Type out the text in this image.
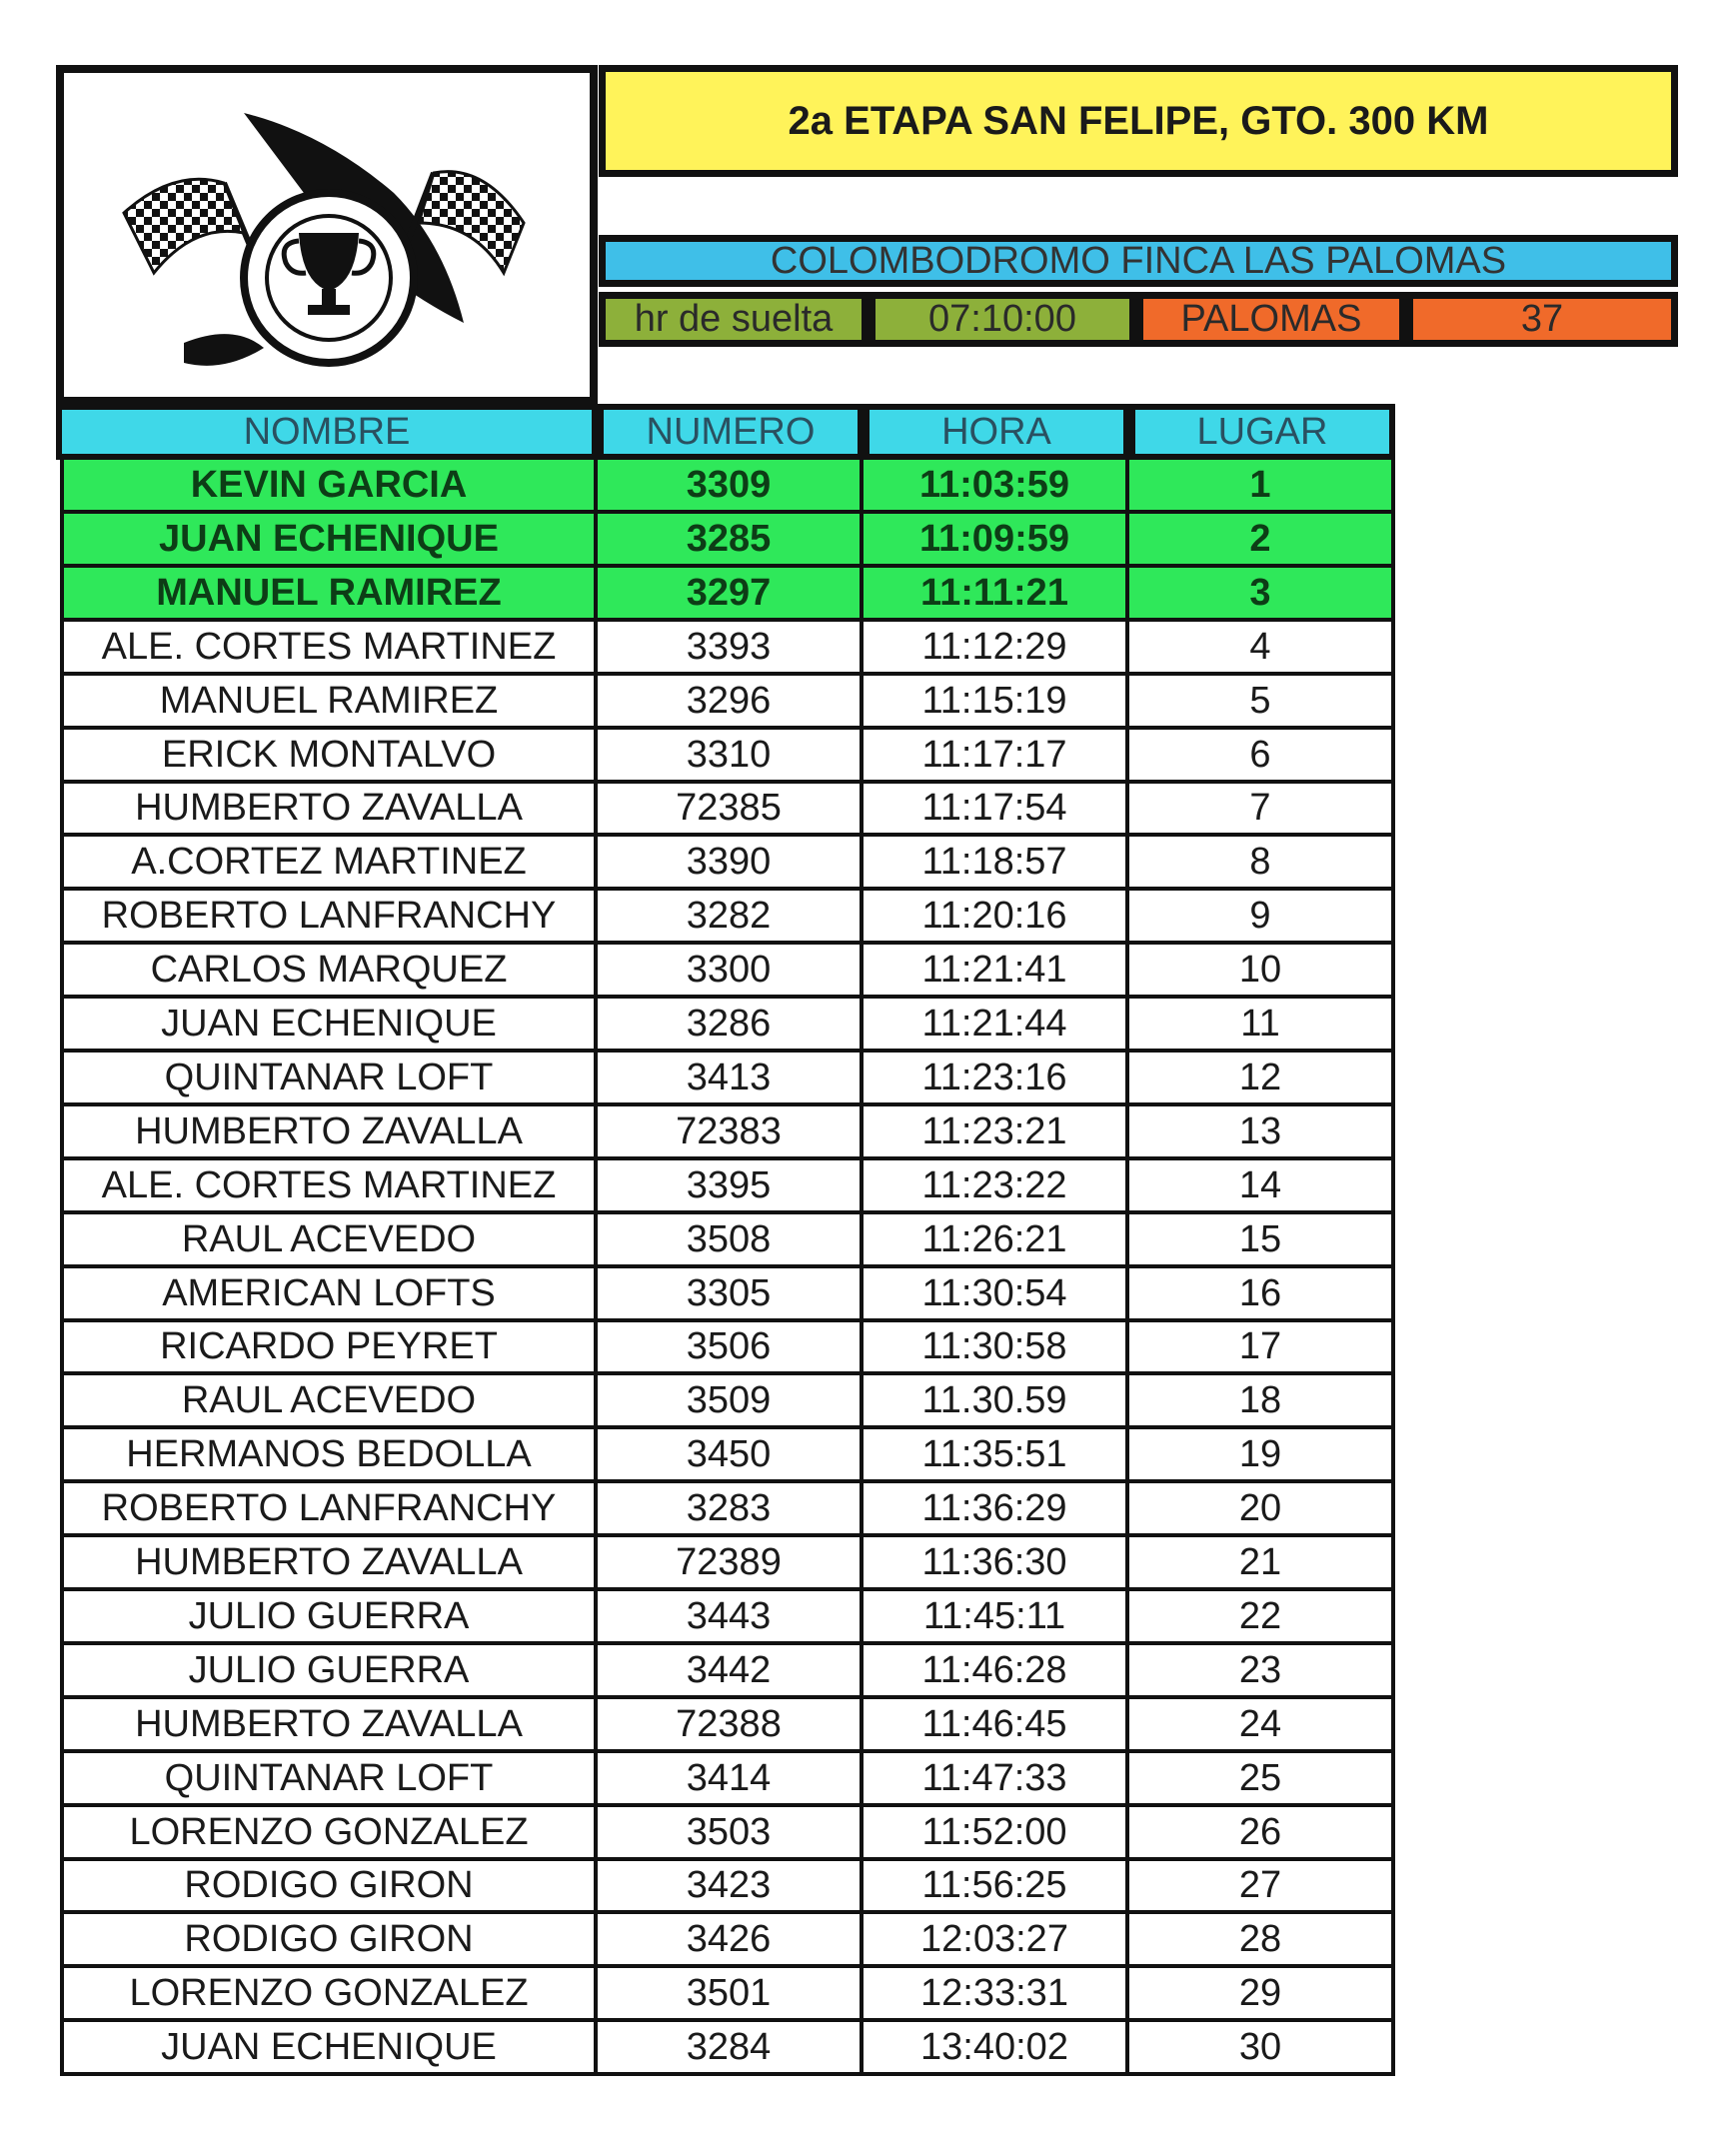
2a ETAPA SAN FELIPE, GTO. 300 KM
COLOMBODROMO FINCA LAS PALOMAS
hr de suelta	07:10:00	PALOMAS	37
NOMBRE	NUMERO	HORA	LUGAR
KEVIN GARCIA	3309	11:03:59	1
JUAN ECHENIQUE	3285	11:09:59	2
MANUEL RAMIREZ	3297	11:11:21	3
ALE. CORTES MARTINEZ	3393	11:12:29	4
MANUEL RAMIREZ	3296	11:15:19	5
ERICK MONTALVO	3310	11:17:17	6
HUMBERTO ZAVALLA	72385	11:17:54	7
A.CORTEZ MARTINEZ	3390	11:18:57	8
ROBERTO LANFRANCHY	3282	11:20:16	9
CARLOS MARQUEZ	3300	11:21:41	10
JUAN ECHENIQUE	3286	11:21:44	11
QUINTANAR LOFT	3413	11:23:16	12
HUMBERTO ZAVALLA	72383	11:23:21	13
ALE. CORTES MARTINEZ	3395	11:23:22	14
RAUL ACEVEDO	3508	11:26:21	15
AMERICAN LOFTS	3305	11:30:54	16
RICARDO PEYRET	3506	11:30:58	17
RAUL ACEVEDO	3509	11.30.59	18
HERMANOS BEDOLLA	3450	11:35:51	19
ROBERTO LANFRANCHY	3283	11:36:29	20
HUMBERTO ZAVALLA	72389	11:36:30	21
JULIO GUERRA	3443	11:45:11	22
JULIO GUERRA	3442	11:46:28	23
HUMBERTO ZAVALLA	72388	11:46:45	24
QUINTANAR LOFT	3414	11:47:33	25
LORENZO GONZALEZ	3503	11:52:00	26
RODIGO GIRON	3423	11:56:25	27
RODIGO GIRON	3426	12:03:27	28
LORENZO GONZALEZ	3501	12:33:31	29
JUAN ECHENIQUE	3284	13:40:02	30
